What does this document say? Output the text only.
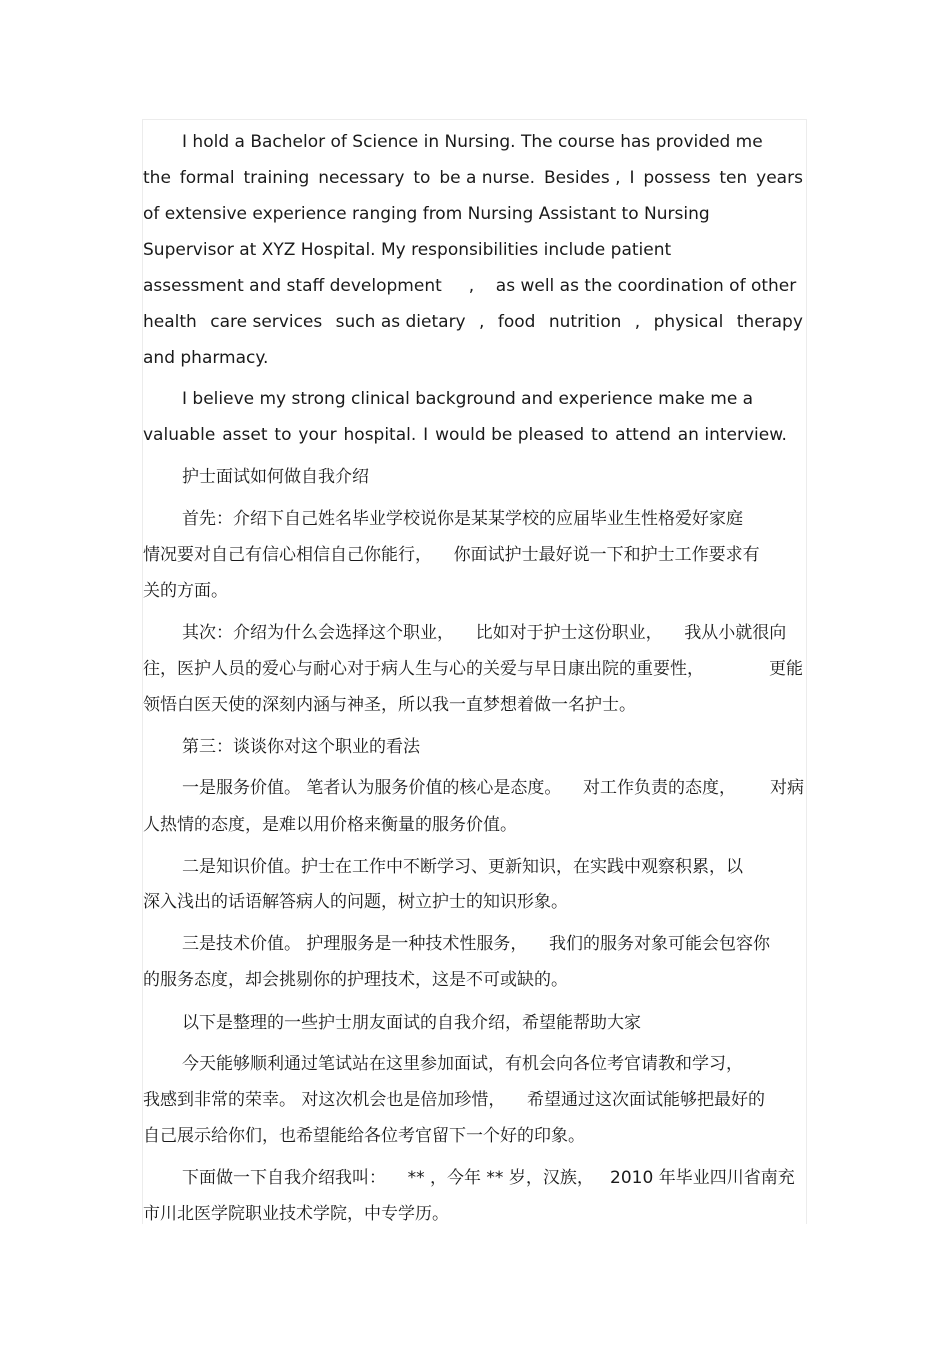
I hold a Bachelor of Science in Nursing. The course has provided me

the formal training necessary to be a nurse. Besides , I possess ten years

of extensive experience ranging from Nursing Assistant to Nursing

Supervisor at XYZ Hospital. My responsibilities include patient

assessment and staff development     ,    as well as the coordination of other

health care services such as dietary , food nutrition , physical therapy

and pharmacy.

I believe my strong clinical background and experience make me a

valuable asset to your hospital. I would be pleased to attend an interview.

护士面试如何做自我介绍

首先：介绍下自己姓名毕业学校说你是某某学校的应届毕业生性格爱好家庭

情况要对自己有信心相信自己你能行，    你面试护士最好说一下和护士工作要求有

关的方面。

其次：介绍为什么会选择这个职业，    比如对于护士这份职业，    我从小就很向

往，医护人员的爱心与耐心对于病人生与心的关爱与早日康出院的重要性，	更能

领悟白医天使的深刻内涵与神圣，所以我一直梦想着做一名护士。

第三：谈谈你对这个职业的看法

一是服务价值。 笔者认为服务价值的核心是态度。    对工作负责的态度， 对病

人热情的态度，是难以用价格来衡量的服务价值。

二是知识价值。护士在工作中不断学习、更新知识，在实践中观察积累，以

深入浅出的话语解答病人的问题，树立护士的知识形象。

三是技术价值。 护理服务是一种技术性服务，    我们的服务对象可能会包容你

的服务态度，却会挑剔你的护理技术，这是不可或缺的。

以下是整理的一些护士朋友面试的自我介绍，希望能帮助大家

今天能够顺利通过笔试站在这里参加面试，有机会向各位考官请教和学习，

我感到非常的荣幸。 对这次机会也是倍加珍惜，    希望通过这次面试能够把最好的

自己展示给你们，也希望能给各位考官留下一个好的印象。

下面做一下自我介绍我叫：    ** ，今年 ** 岁，汉族，   2010 年毕业四川省南充

市川北医学院职业技术学院，中专学历。
